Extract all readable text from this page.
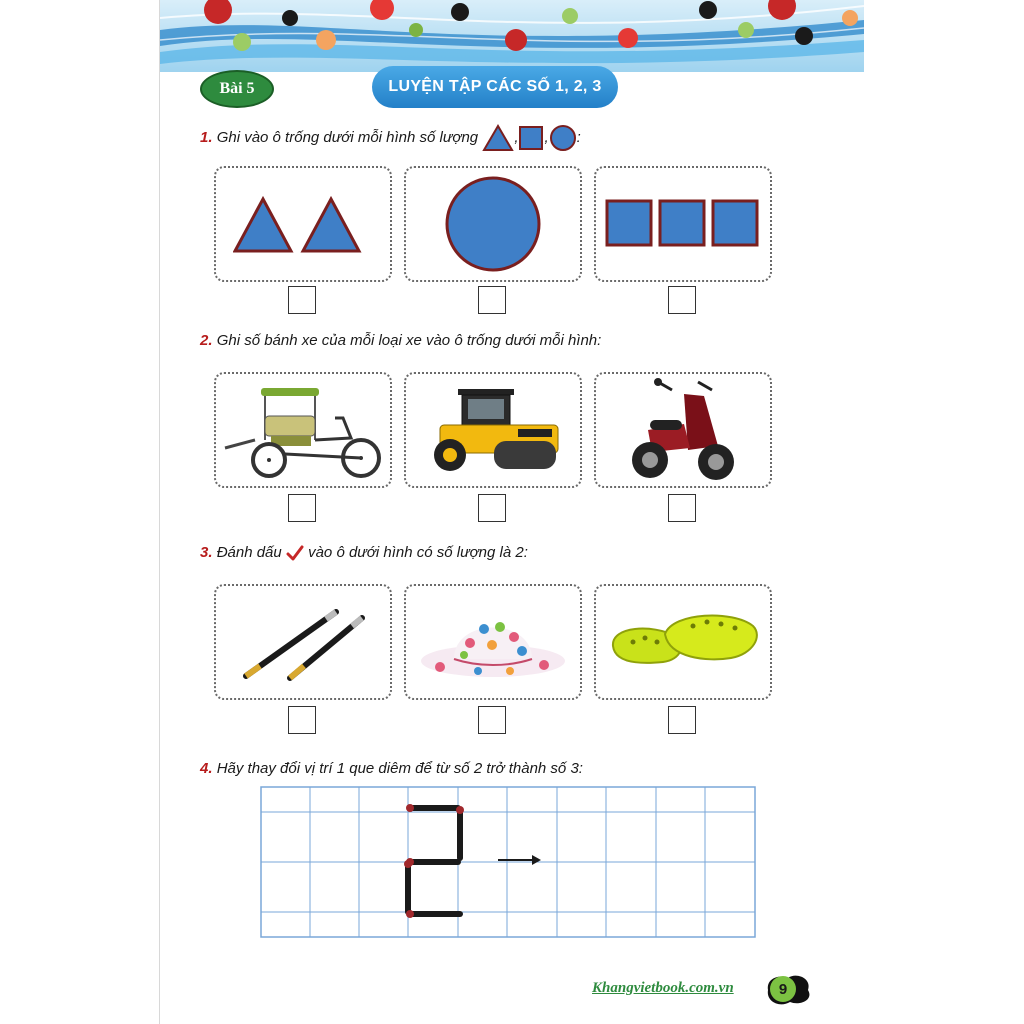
Bài 5	LUYỆN TẬP CÁC SỐ 1, 2, 3
1. Ghi vào ô trống dưới mỗi hình số lượng , , :
2. Ghi số bánh xe của mỗi loại xe vào ô trống dưới mỗi hình:
3. Đánh dấu vào ô dưới hình có số lượng là 2:
4. Hãy thay đổi vị trí 1 que diêm để từ số 2 trở thành số 3:
Khangvietbook.com.vn	9
